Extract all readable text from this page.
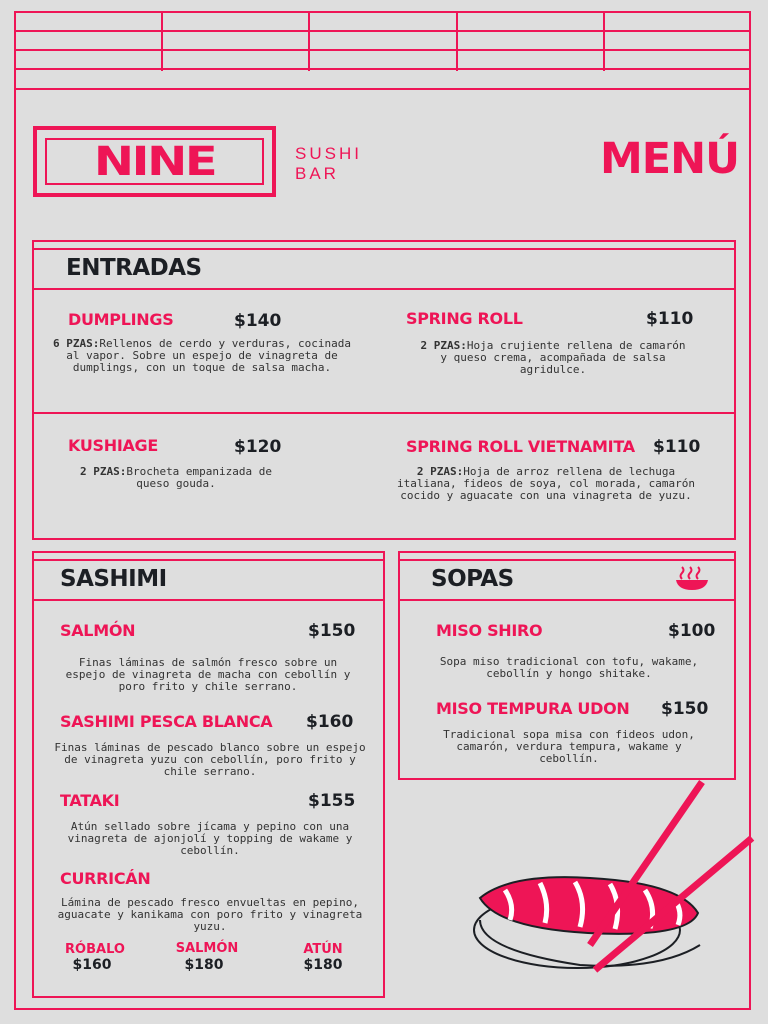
NINE	SUSHI
BAR	MENÚ
ENTRADAS
DUMPLINGS	$140
6 PZAS:Rellenos de cerdo y verduras, cocinada al vapor. Sobre un espejo de vinagreta de dumplings, con un toque de salsa macha.
SPRING ROLL	$110
2 PZAS:Hoja crujiente rellena de camarón y queso crema, acompañada de salsa agridulce.
KUSHIAGE	$120
2 PZAS:Brocheta empanizada de queso gouda.
SPRING ROLL VIETNAMITA $110
2 PZAS:Hoja de arroz rellena de lechuga italiana, fideos de soya, col morada, camarón cocido y aguacate con una vinagreta de yuzu.
SASHIMI
SALMÓN	$150
Finas láminas de salmón fresco sobre un espejo de vinagreta de macha con cebollín y poro frito y chile serrano.
SASHIMI PESCA BLANCA $160
Finas láminas de pescado blanco sobre un espejo de vinagreta yuzu con cebollín, poro frito y chile serrano.
TATAKI	$155
Atún sellado sobre jícama y pepino con una vinagreta de ajonjolí y topping de wakame y cebollín.
CURRICÁN
Lámina de pescado fresco envueltas en pepino, aguacate y kanikama con poro frito y vinagreta yuzu.
RÓBALO
$160
SALMÓN
$180
ATÚN
$180
SOPAS
MISO SHIRO	$100
Sopa miso tradicional con tofu, wakame, cebollín y hongo shitake.
MISO TEMPURA UDON $150
Tradicional sopa misa con fideos udon, camarón, verdura tempura, wakame y cebollín.
